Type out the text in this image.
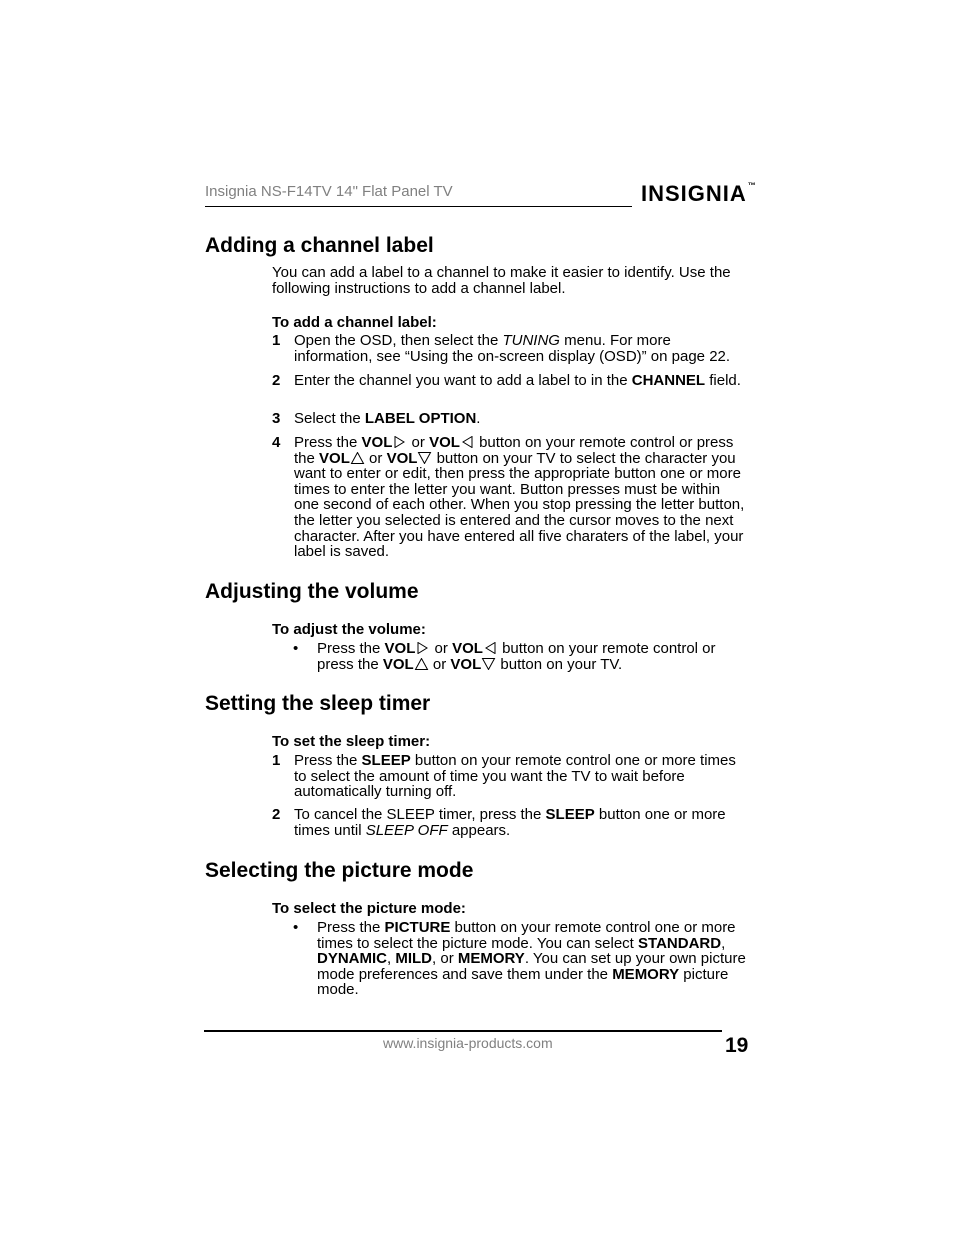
Insignia NS-F14TV 14" Flat Panel TV	INSIGNIA™
Adding a channel label

You can add a label to a channel to make it easier to identify. Use the following instructions to add a channel label.

To add a channel label:

1 Open the OSD, then select the TUNING menu. For more information, see “Using the on-screen display (OSD)” on page 22.
2 Enter the channel you want to add a label to in the CHANNEL field.
3 Select the LABEL OPTION.
4 Press the VOL
or VOL
button on your remote control or press the VOL
or VOL
button on your TV to select the character you want to enter or edit, then press the appropriate button one or more times to enter the letter you want. Button presses must be within one second of each other. When you stop pressing the letter button, the letter you selected is entered and the cursor moves to the next character. After you have entered all five charaters of the label, your label is saved.
Adjusting the volume

To adjust the volume:

• Press the VOL
or VOL
button on your remote control or press the VOL
or VOL
button on your TV.
Setting the sleep timer

To set the sleep timer:

1 Press the SLEEP button on your remote control one or more times to select the amount of time you want the TV to wait before automatically turning off.
2 To cancel the SLEEP timer, press the SLEEP button one or more times until SLEEP OFF appears.
Selecting the picture mode

To select the picture mode:

• Press the PICTURE button on your remote control one or more times to select the picture mode. You can select STANDARD, DYNAMIC, MILD, or MEMORY. You can set up your own picture mode preferences and save them under the MEMORY picture mode.
www.insignia-products.com	19
